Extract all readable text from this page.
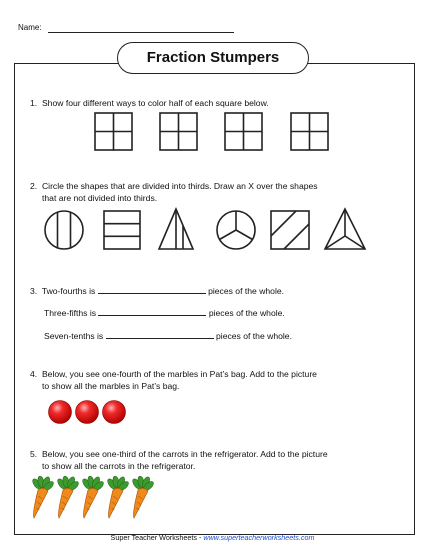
Name:
Fraction Stumpers
1. Show four different ways to color half of each square below.
2. Circle the shapes that are divided into thirds. Draw an X over the shapes
that are not divided into thirds.
3. Two-fourths is	pieces of the whole.
Three-fifths is	pieces of the whole.
Seven-tenths is	pieces of the whole.
4. Below, you see one-fourth of the marbles in Pat’s bag. Add to the picture
to show all the marbles in Pat’s bag.
5. Below, you see one-third of the carrots in the refrigerator. Add to the picture
to show all the carrots in the refrigerator.
Super Teacher Worksheets - www.superteacherworksheets.com
